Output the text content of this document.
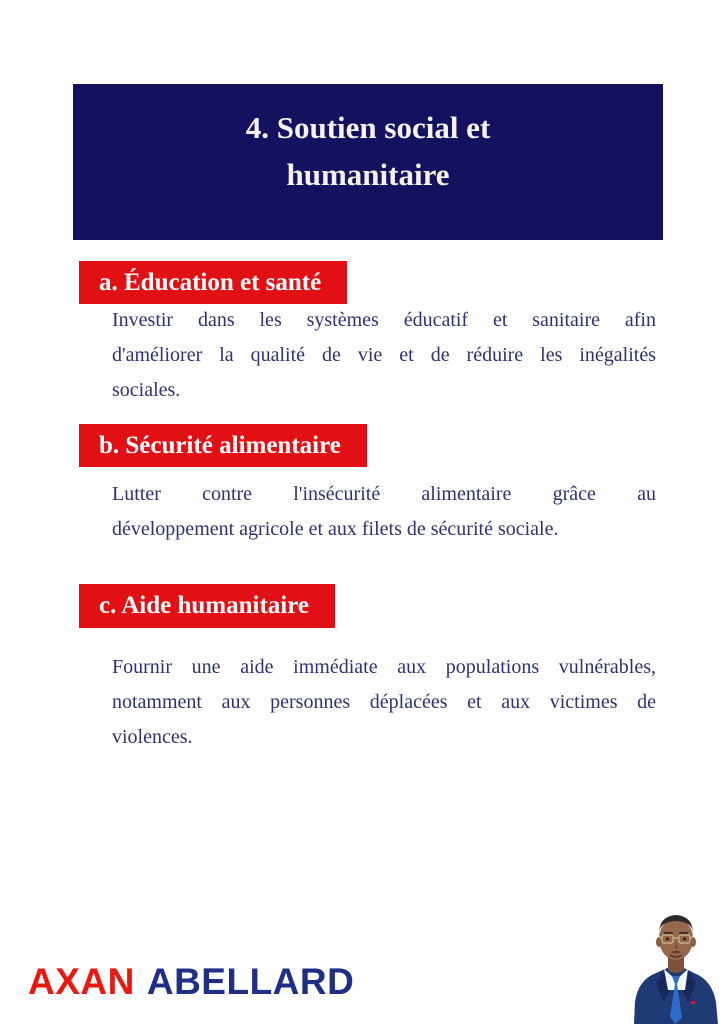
4. Soutien social et
humanitaire
a. Éducation et santé
Investir dans les systèmes éducatif et sanitaire afin
d'améliorer la qualité de vie et de réduire les inégalités
sociales.
b. Sécurité alimentaire
Lutter contre l'insécurité alimentaire grâce au
développement agricole et aux filets de sécurité sociale.
c. Aide humanitaire
Fournir une aide immédiate aux populations vulnérables,
notamment aux personnes déplacées et aux victimes de
violences.
AXAN ABELLARD
